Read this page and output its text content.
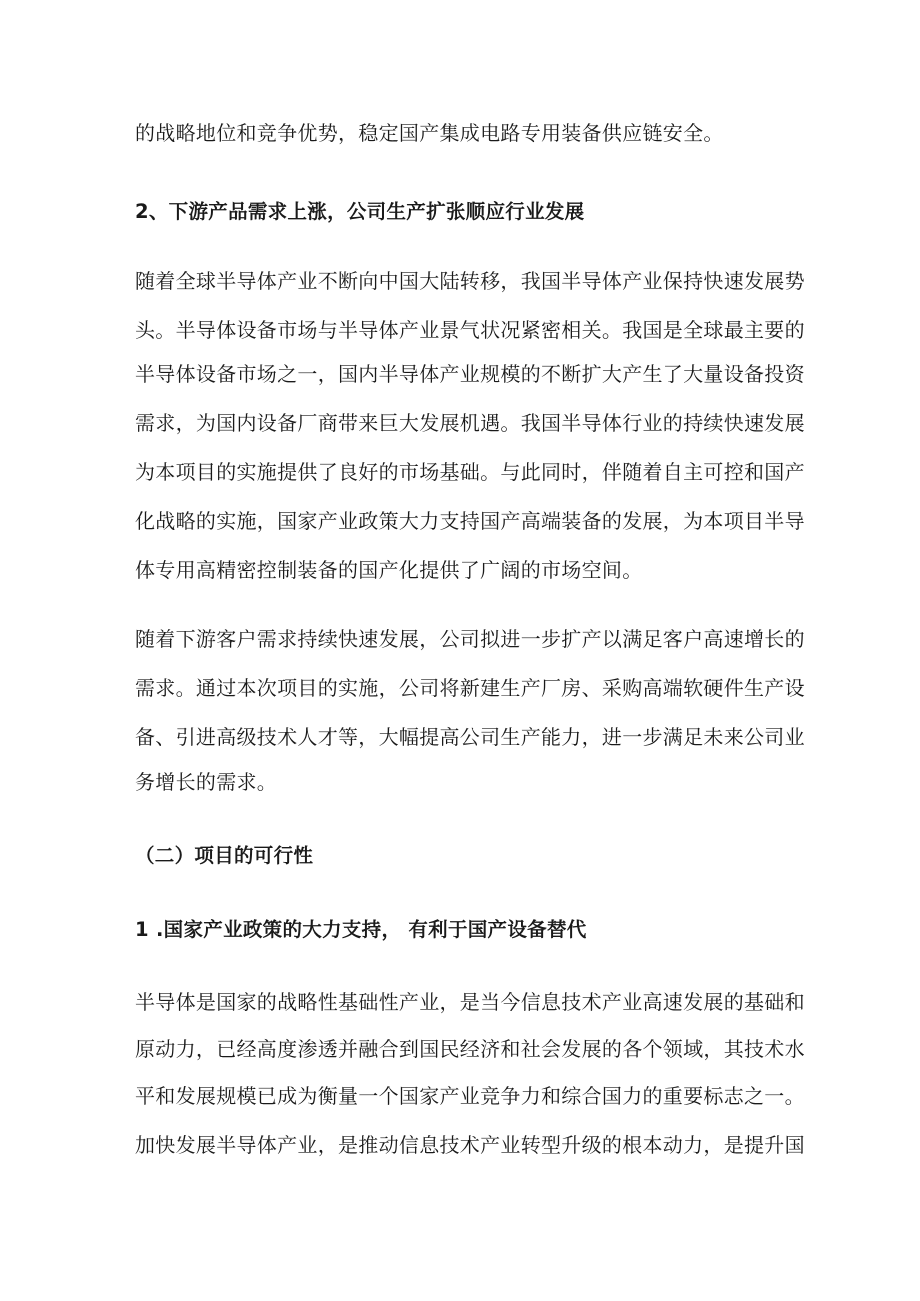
的战略地位和竞争优势，稳定国产集成电路专用装备供应链安全。
2、下游产品需求上涨，公司生产扩张顺应行业发展
随着全球半导体产业不断向中国大陆转移，我国半导体产业保持快速发展势
头。半导体设备市场与半导体产业景气状况紧密相关。我国是全球最主要的
半导体设备市场之一，国内半导体产业规模的不断扩大产生了大量设备投资
需求，为国内设备厂商带来巨大发展机遇。我国半导体行业的持续快速发展
为本项目的实施提供了良好的市场基础。与此同时，伴随着自主可控和国产
化战略的实施，国家产业政策大力支持国产高端装备的发展，为本项目半导
体专用高精密控制装备的国产化提供了广阔的市场空间。
随着下游客户需求持续快速发展，公司拟进一步扩产以满足客户高速增长的
需求。通过本次项目的实施，公司将新建生产厂房、采购高端软硬件生产设
备、引进高级技术人才等，大幅提高公司生产能力，进一步满足未来公司业
务增长的需求。
（二）项目的可行性
1 .国家产业政策的大力支持， 有利于国产设备替代
半导体是国家的战略性基础性产业，是当今信息技术产业高速发展的基础和
原动力，已经高度渗透并融合到国民经济和社会发展的各个领域，其技术水
平和发展规模已成为衡量一个国家产业竞争力和综合国力的重要标志之一。
加快发展半导体产业，是推动信息技术产业转型升级的根本动力，是提升国
